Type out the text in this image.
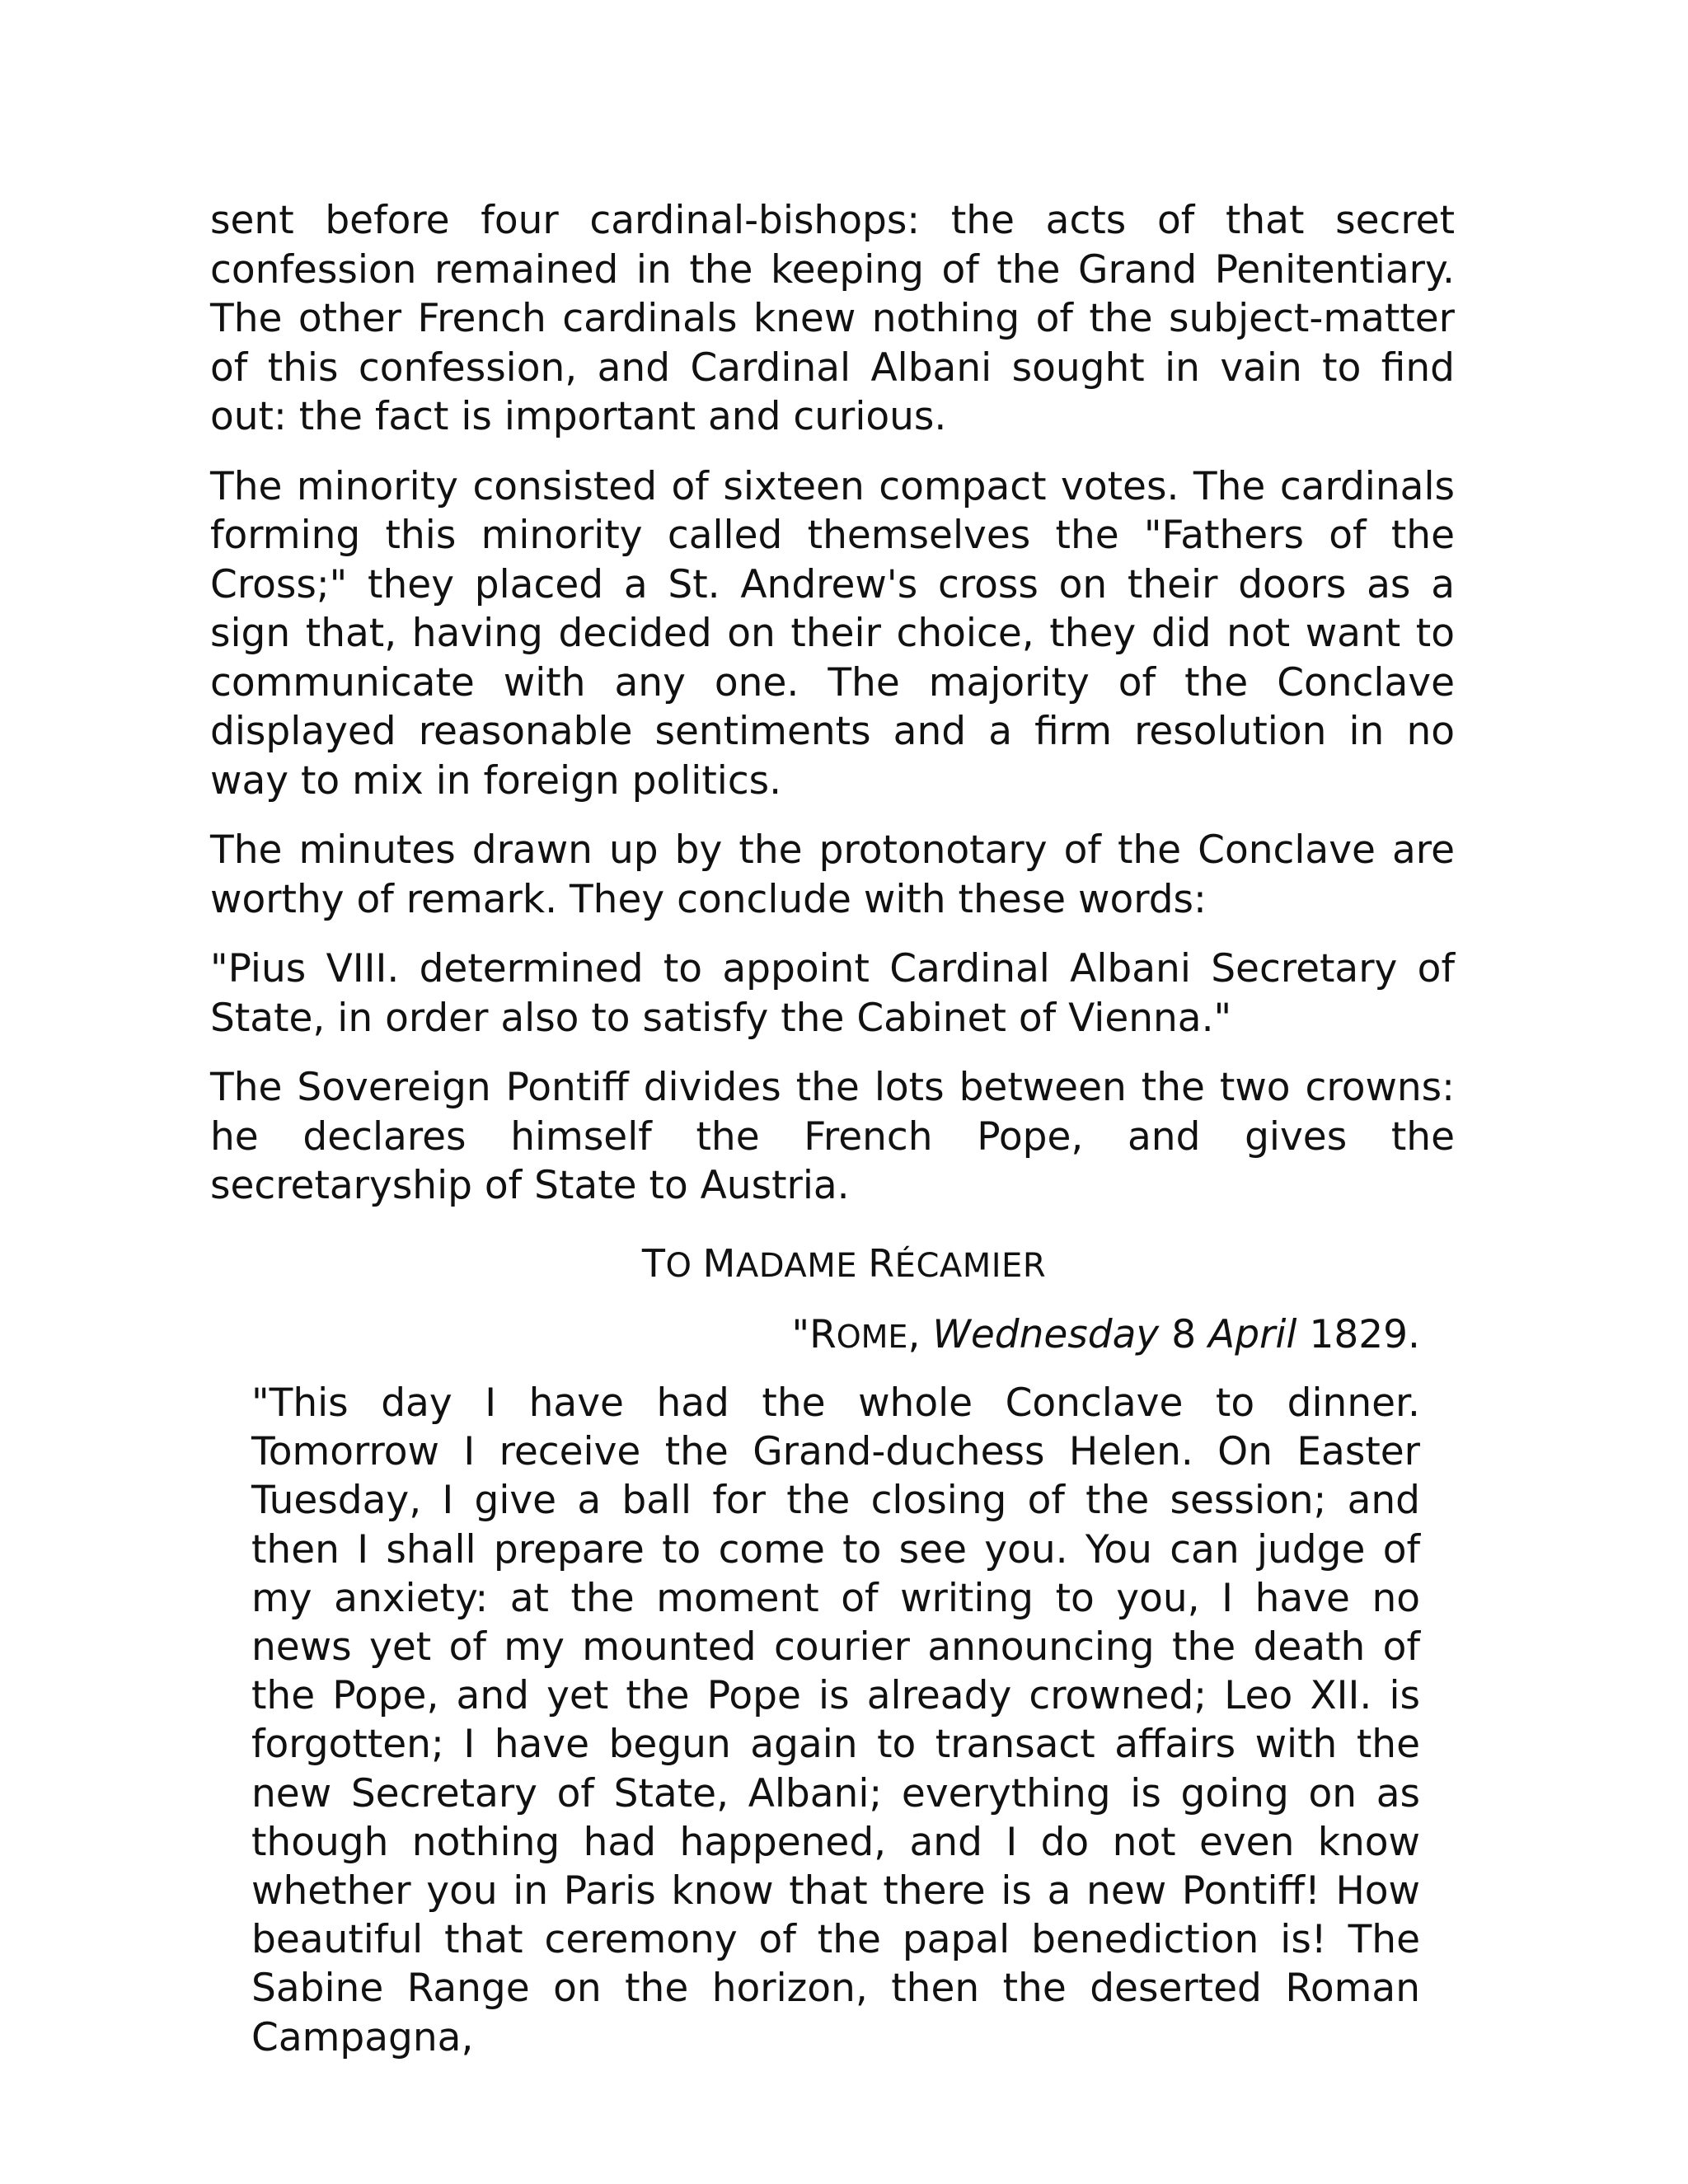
sent before four cardinal-bishops: the acts of that secret confession remained in the keeping of the Grand Penitentiary. The other French cardinals knew nothing of the subject-matter of this confession, and Cardinal Albani sought in vain to find out: the fact is important and curious.

The minority consisted of sixteen compact votes. The cardinals forming this minority called themselves the "Fathers of the Cross;" they placed a St. Andrew's cross on their doors as a sign that, having decided on their choice, they did not want to communicate with any one. The majority of the Conclave displayed reasonable sentiments and a firm resolution in no way to mix in foreign politics.

The minutes drawn up by the protonotary of the Conclave are worthy of remark. They conclude with these words:

"Pius VIII. determined to appoint Cardinal Albani Secretary of State, in order also to satisfy the Cabinet of Vienna."

The Sovereign Pontiff divides the lots between the two crowns: he declares himself the French Pope, and gives the secretaryship of State to Austria.

TO MADAME RÉCAMIER
"ROME, Wednesday 8 April 1829.

"This day I have had the whole Conclave to dinner. Tomorrow I receive the Grand-duchess Helen. On Easter Tuesday, I give a ball for the closing of the session; and then I shall prepare to come to see you. You can judge of my anxiety: at the moment of writing to you, I have no news yet of my mounted courier announcing the death of the Pope, and yet the Pope is already crowned; Leo XII. is forgotten; I have begun again to transact affairs with the new Secretary of State, Albani; everything is going on as though nothing had happened, and I do not even know whether you in Paris know that there is a new Pontiff! How beautiful that ceremony of the papal benediction is! The Sabine Range on the horizon, then the deserted Roman Campagna,
